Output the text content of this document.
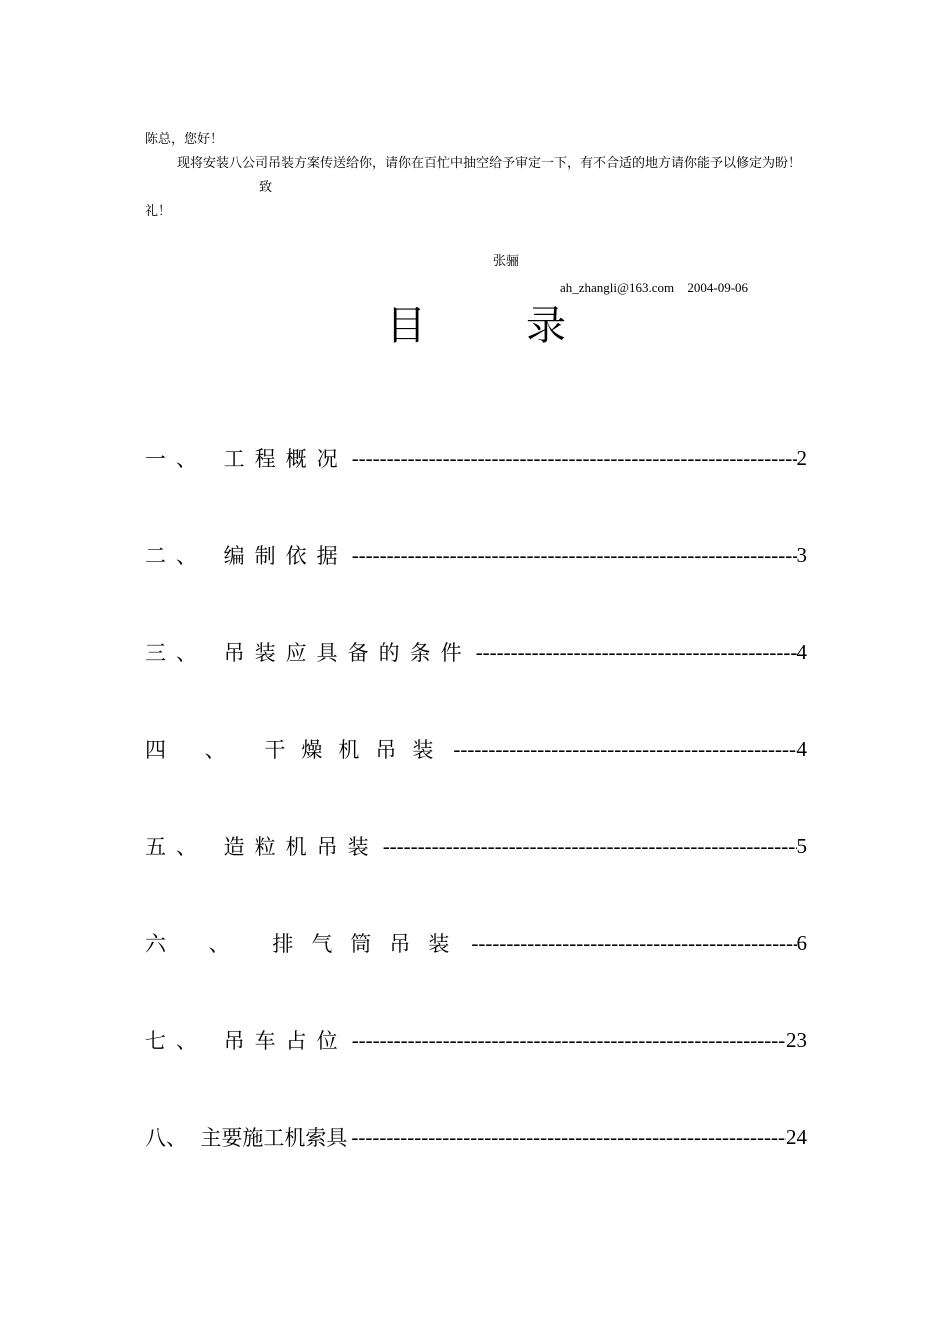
陈总，您好！

现将安装八公司吊装方案传送给你，请你在百忙中抽空给予审定一下，有不合适的地方请你能予以修定为盼！

致

礼！

张骊
ah_zhangli@163.com 2004-09-06
目	录
一、 工程概况 -----	2
二、 编制依据 -----	3
三、 吊装应具备的条件 -----	4
四 、 干燥机吊装 -----	4
五、 造粒机吊装 -----	5
六 、 排气筒吊装 -----	6
七、 吊车占位 -----	23
八、  主要施工机索具 -----	24
